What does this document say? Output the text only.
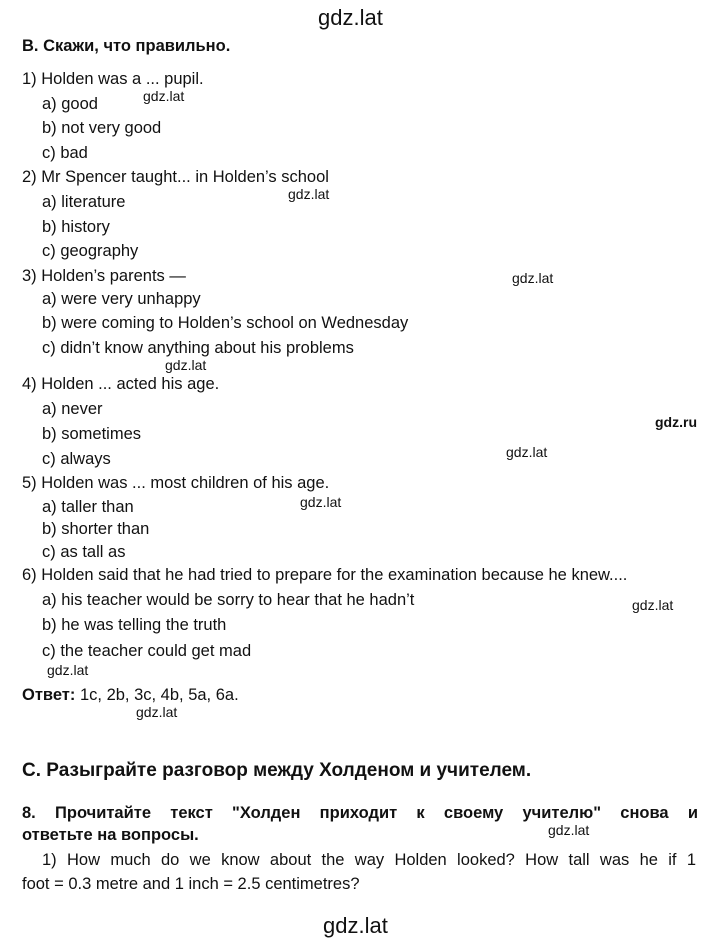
gdz.lat
В. Скажи, что правильно.
1) Holden was a ... pupil.
a) good
b) not very good
c) bad
2) Mr Spencer taught... in Holden’s school
a) literature
b) history
c) geography
3) Holden’s parents —
a) were very unhappy
b) were coming to Holden’s school on Wednesday
c) didn’t know anything about his problems
4) Holden ... acted his age.
a) never
b) sometimes
c) always
5) Holden was ... most children of his age.
a) taller than
b) shorter than
c) as tall as
6) Holden said that he had tried to prepare for the examination because he knew....
a) his teacher would be sorry to hear that he hadn’t
b) he was telling the truth
c) the teacher could get mad
Ответ: 1c, 2b, 3c, 4b, 5a, 6a.
С. Разыграйте разговор между Холденом и учителем.
8. Прочитайте текст "Холден приходит к своему учителю" снова и
ответьте на вопросы.
1) How much do we know about the way Holden looked? How tall was he if 1
foot = 0.3 metre and 1 inch = 2.5 centimetres?
gdz.lat
gdz.lat
gdz.lat
gdz.lat
gdz.ru
gdz.lat
gdz.lat
gdz.lat
gdz.lat
gdz.lat
gdz.lat
gdz.lat
